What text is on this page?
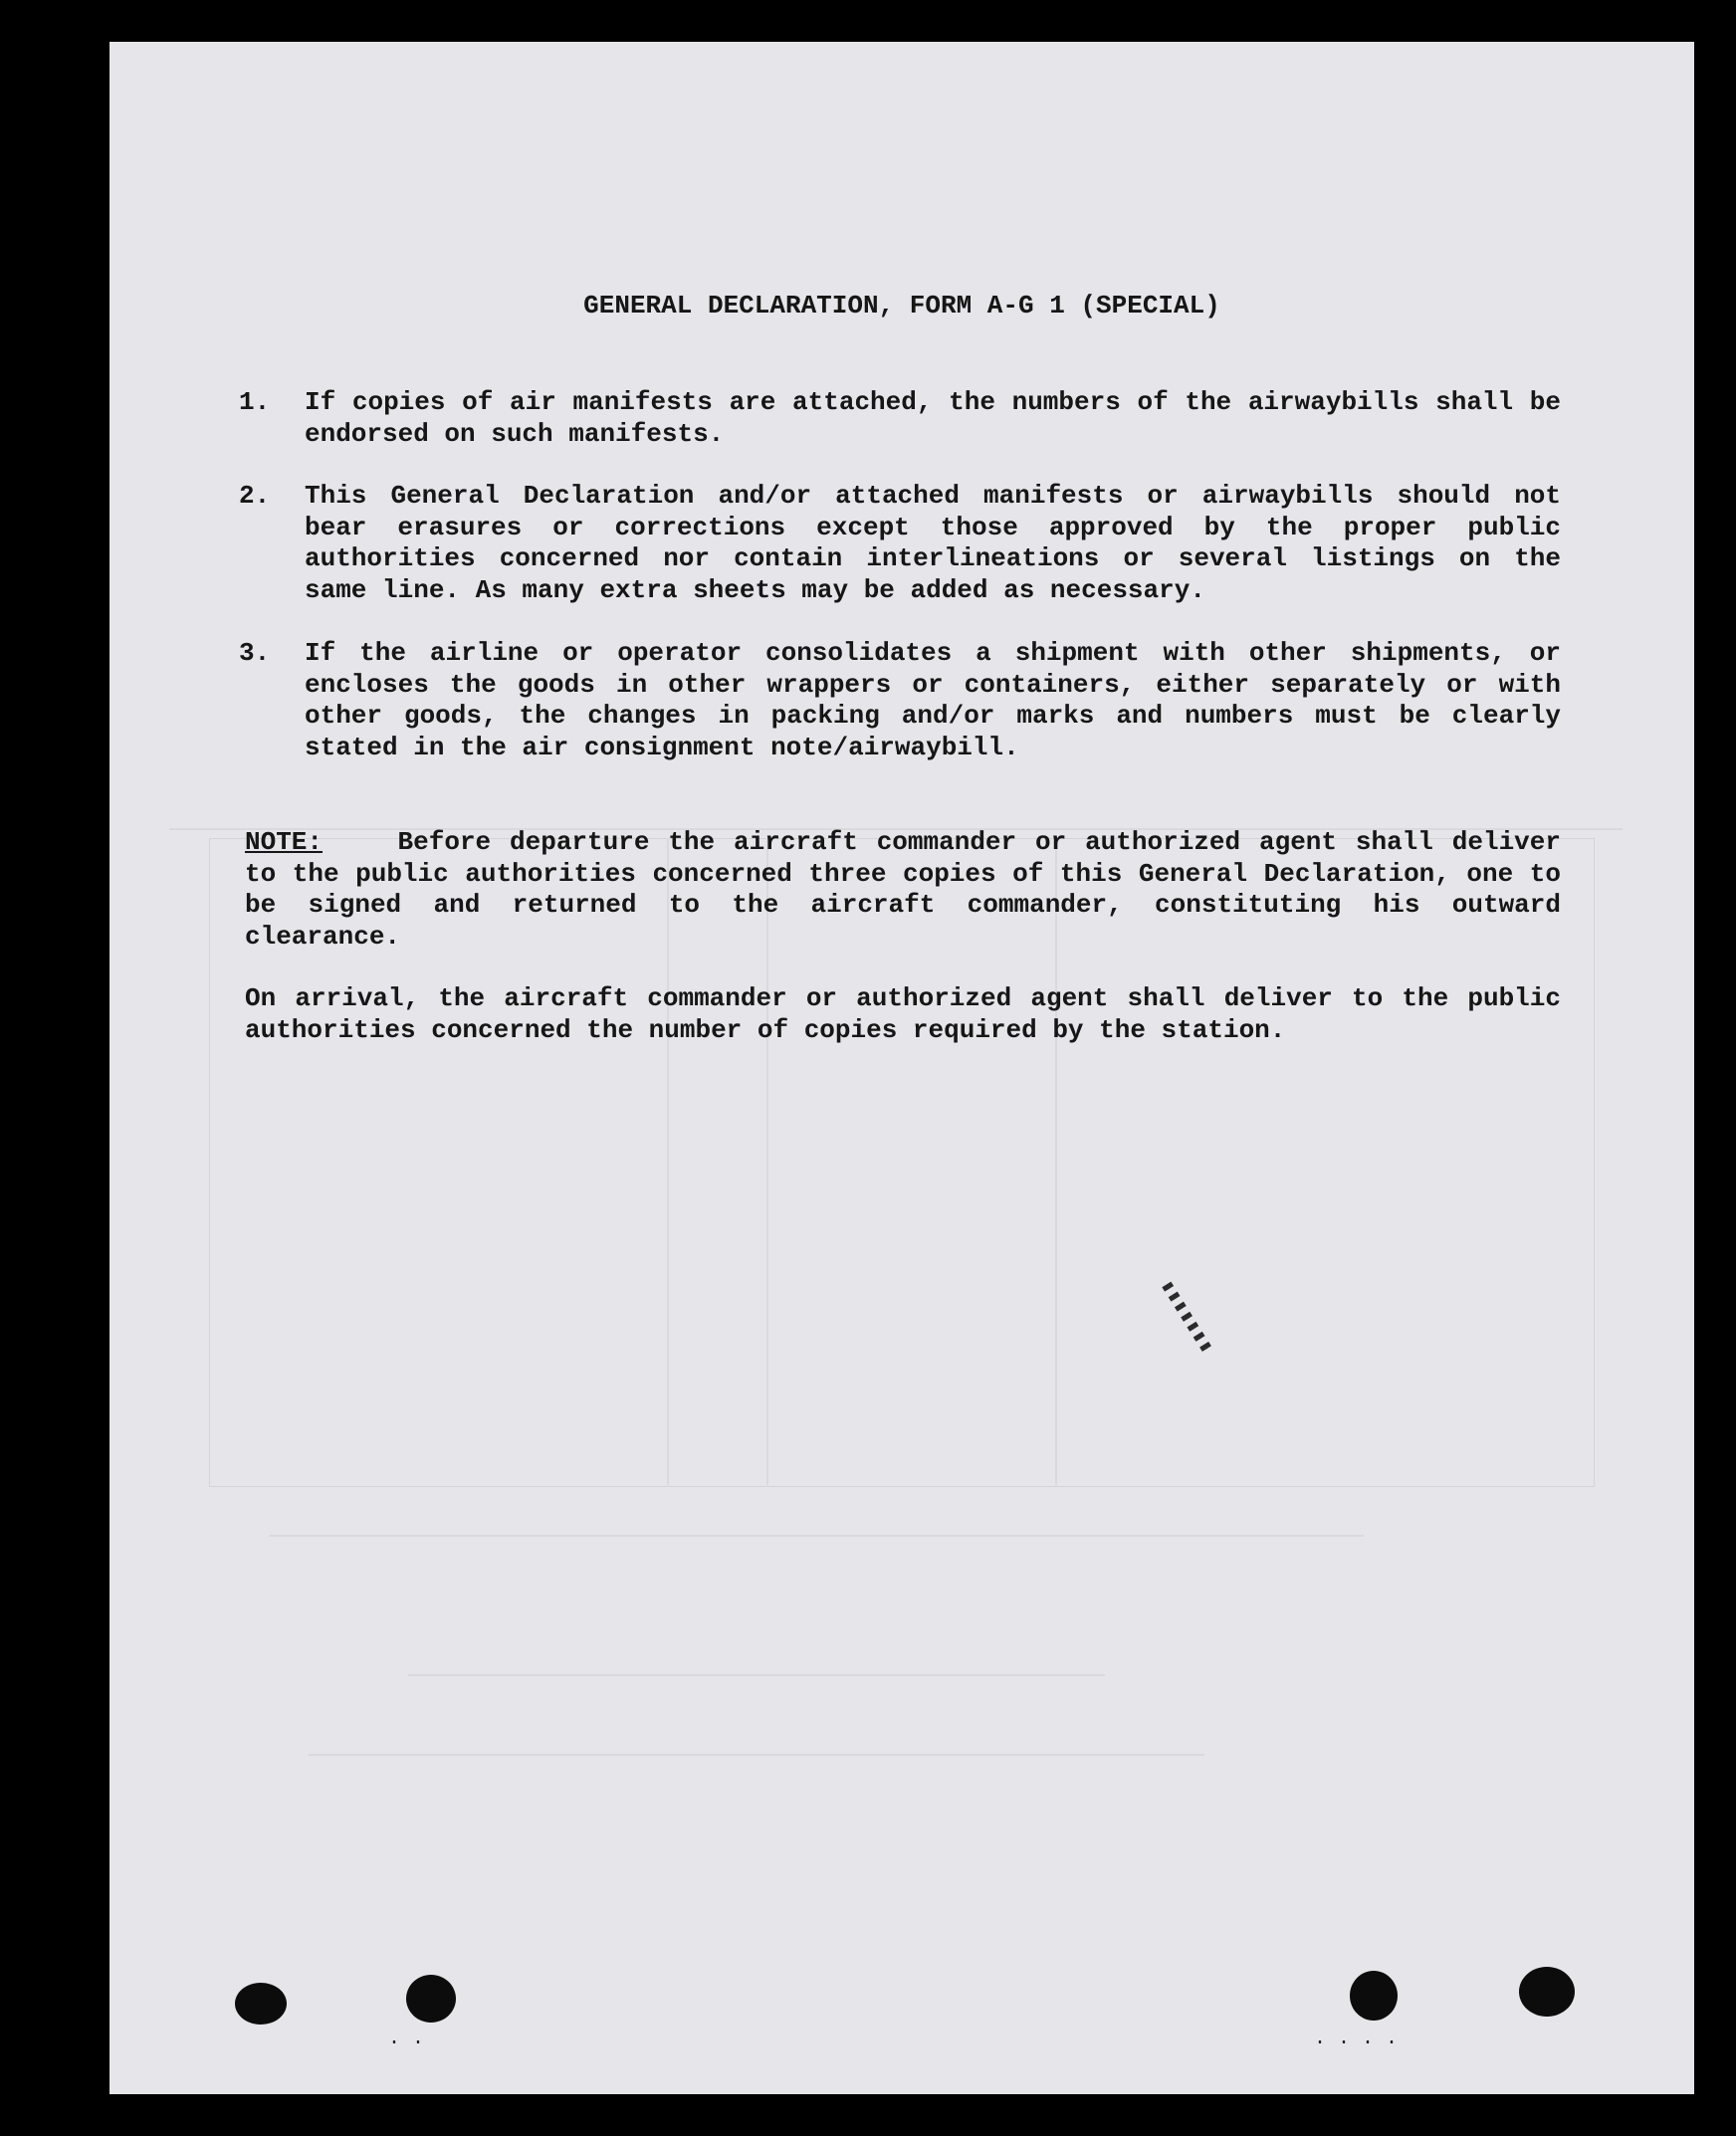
GENERAL DECLARATION, FORM A-G 1 (SPECIAL)
1.	If copies of air manifests are attached, the numbers of the airwaybills shall be endorsed on such manifests.
2.	This General Declaration and/or attached manifests or airwaybills should not bear erasures or corrections except those approved by the proper public authorities concerned nor contain interlineations or several listings on the same line. As many extra sheets may be added as necessary.
3.	If the airline or operator consolidates a shipment with other shipments, or encloses the goods in other wrappers or containers, either separately or with other goods, the changes in packing and/or marks and numbers must be clearly stated in the air consignment note/airwaybill.
NOTE:	Before departure the aircraft commander or authorized agent shall deliver to the public authorities concerned three copies of this General Declaration, one to be signed and returned to the aircraft commander, constituting his outward clearance.
On arrival, the aircraft commander or authorized agent shall deliver to the public authorities concerned the number of copies required by the station.
▮▮▮▮▮▮▮
. .	. . . .
